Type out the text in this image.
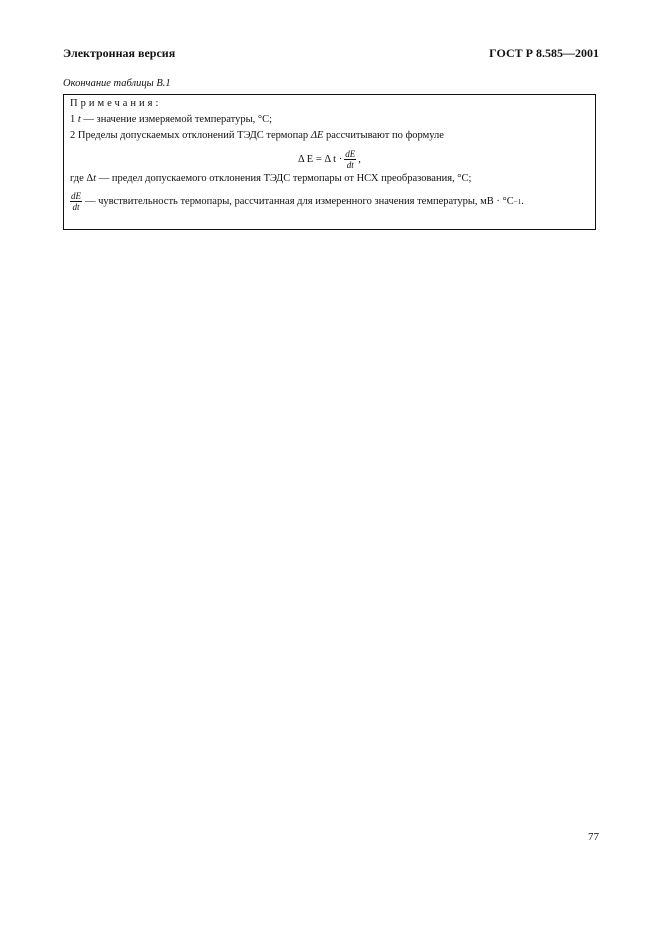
Электронная версия	ГОСТ Р 8.585—2001
Окончание таблицы В.1
Примечания:
1 t — значение измеряемой температуры, °С;
2 Пределы допускаемых отклонений ТЭДС термопар ΔE рассчитывают по формуле
Δ E = Δ $t \cdot \frac{dE}{dt}$ ,
где Δt — предел допускаемого отклонения ТЭДС термопары от НСХ преобразования, °С;
$\frac{dE}{dt}$ — чувствительность термопары, рассчитанная для измеренного значения температуры, мВ · °С −1 .
77
